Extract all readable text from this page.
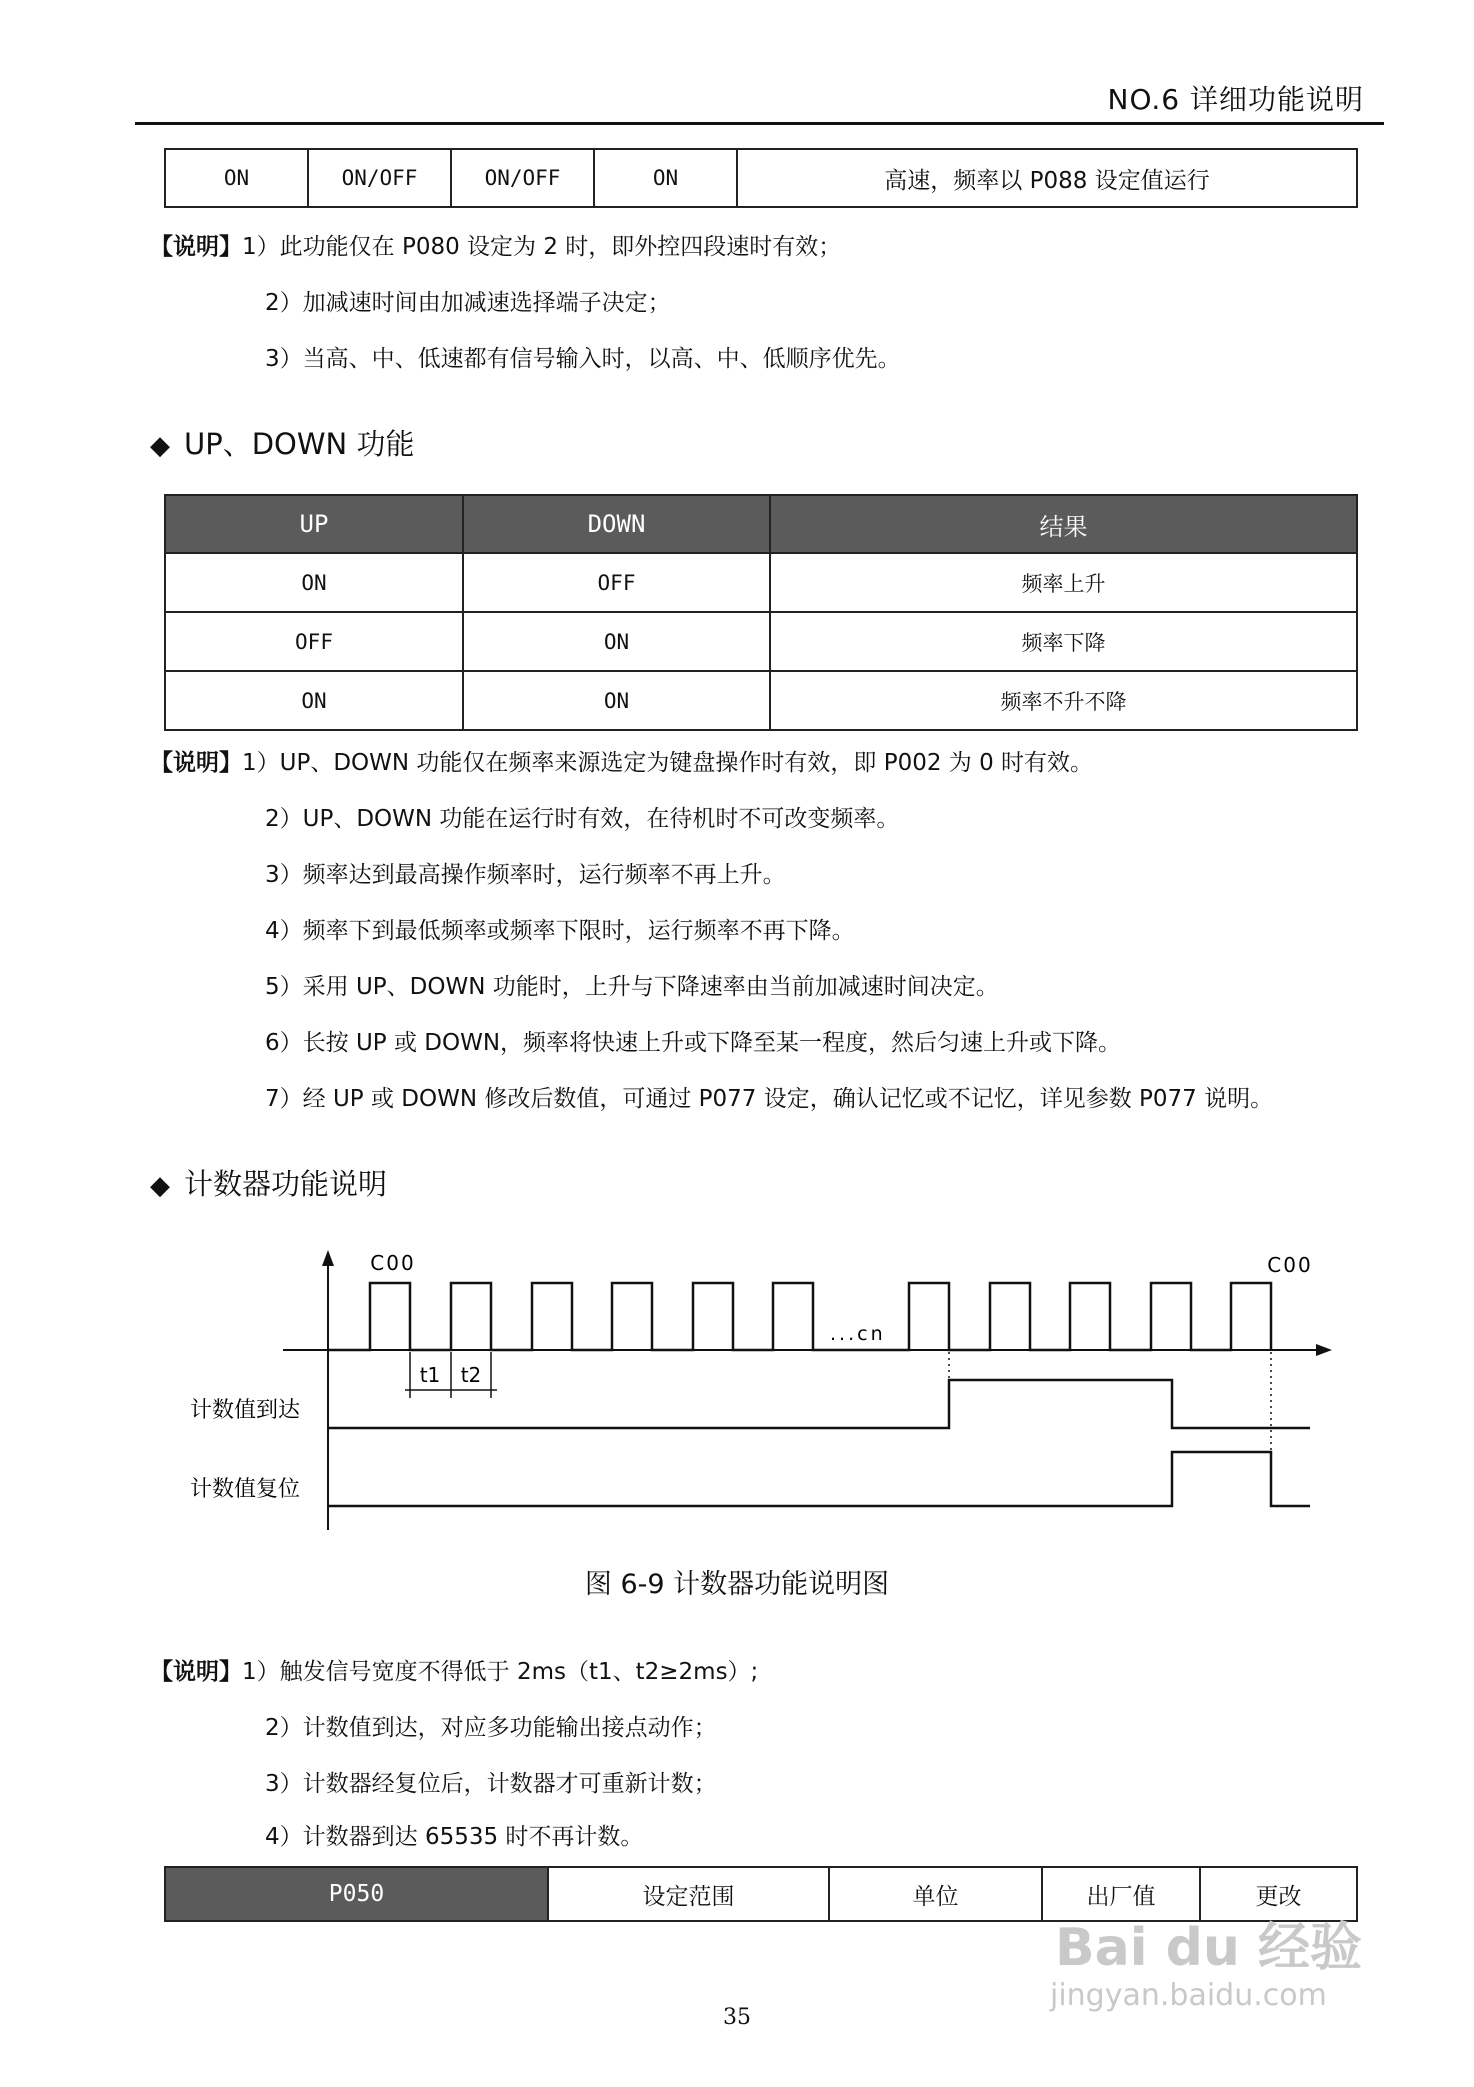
NO.6 详细功能说明
ON	ON/OFF	ON/OFF	ON	高速，频率以 P088 设定值运行
【说明】1）此功能仅在 P080 设定为 2 时，即外控四段速时有效；
2）加减速时间由加减速选择端子决定；
3）当高、中、低速都有信号输入时，以高、中、低顺序优先。
◆ UP、DOWN 功能
UP	DOWN	结果
ON	OFF	频率上升
OFF	ON	频率下降
ON	ON	频率不升不降
【说明】1）UP、DOWN 功能仅在频率来源选定为键盘操作时有效，即 P002 为 0 时有效。
2）UP、DOWN 功能在运行时有效，在待机时不可改变频率。
3）频率达到最高操作频率时，运行频率不再上升。
4）频率下到最低频率或频率下限时，运行频率不再下降。
5）采用 UP、DOWN 功能时，上升与下降速率由当前加减速时间决定。
6）长按 UP 或 DOWN，频率将快速上升或下降至某一程度，然后匀速上升或下降。
7）经 UP 或 DOWN 修改后数值，可通过 P077 设定，确认记忆或不记忆，详见参数 P077 说明。
◆ 计数器功能说明
C00	C00
...cn
t1 t2
计数值到达
计数值复位
图 6-9 计数器功能说明图
【说明】1）触发信号宽度不得低于 2ms（t1、t2≥2ms）;
2）计数值到达，对应多功能输出接点动作；
3）计数器经复位后，计数器才可重新计数；
4）计数器到达 65535 时不再计数。
P050	设定范围	单位	出厂值	更改
Bai du 经验
jingyan.baidu.com
35
